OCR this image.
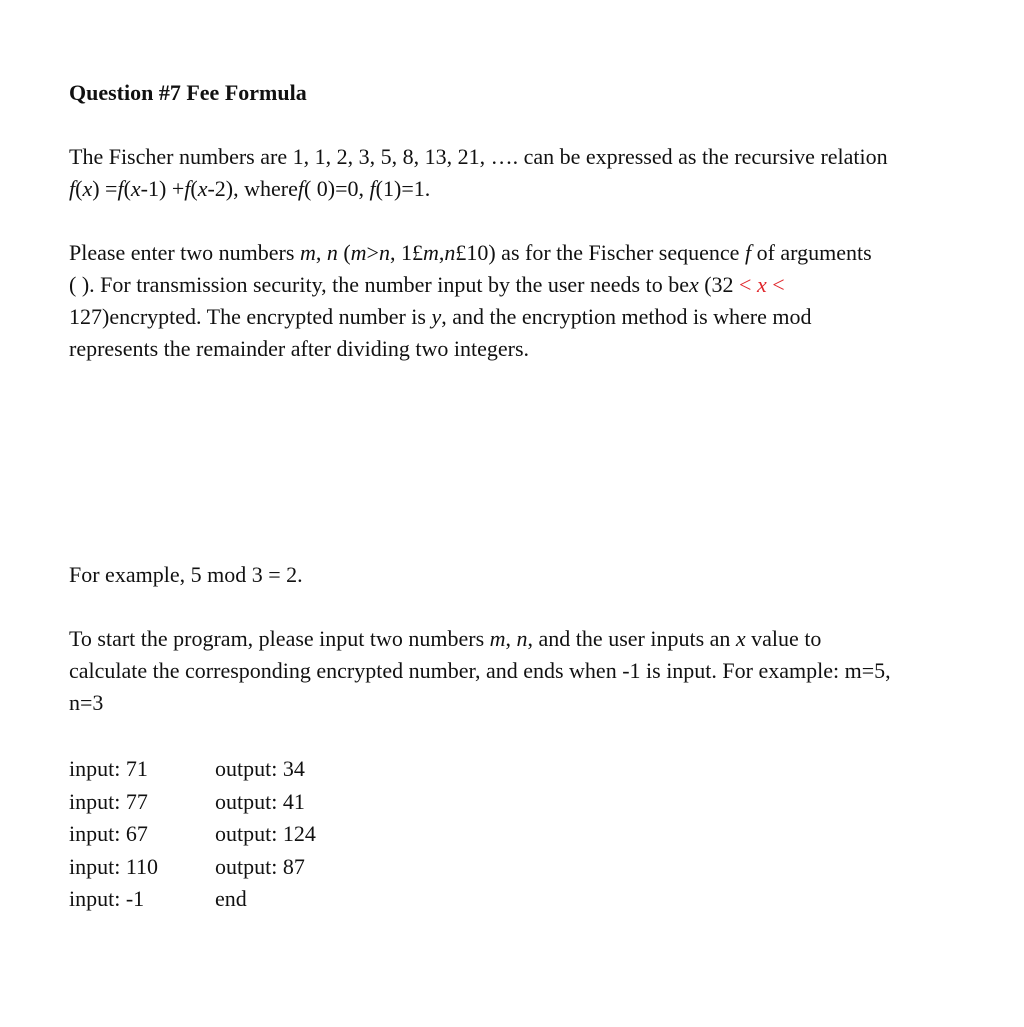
Question #7 Fee Formula

The Fischer numbers are 1, 1, 2, 3, 5, 8, 13, 21, …. can be expressed as the recursive relation
f(x) =f(x-1) +f(x-2), wheref( 0)=0, f(1)=1.
Please enter two numbers m, n (m>n, 1£m,n£10) as for the Fischer sequence f of arguments
( ). For transmission security, the number input by the user needs to bex (32 < x <
127)encrypted. The encrypted number is y, and the encryption method is where mod
represents the remainder after dividing two integers.
For example, 5 mod 3 = 2.
To start the program, please input two numbers m, n, and the user inputs an x value to
calculate the corresponding encrypted number, and ends when -1 is input. For example: m=5,
n=3
input: 71	output: 34
input: 77	output: 41
input: 67	output: 124
input: 110	output: 87
input: -1	end
